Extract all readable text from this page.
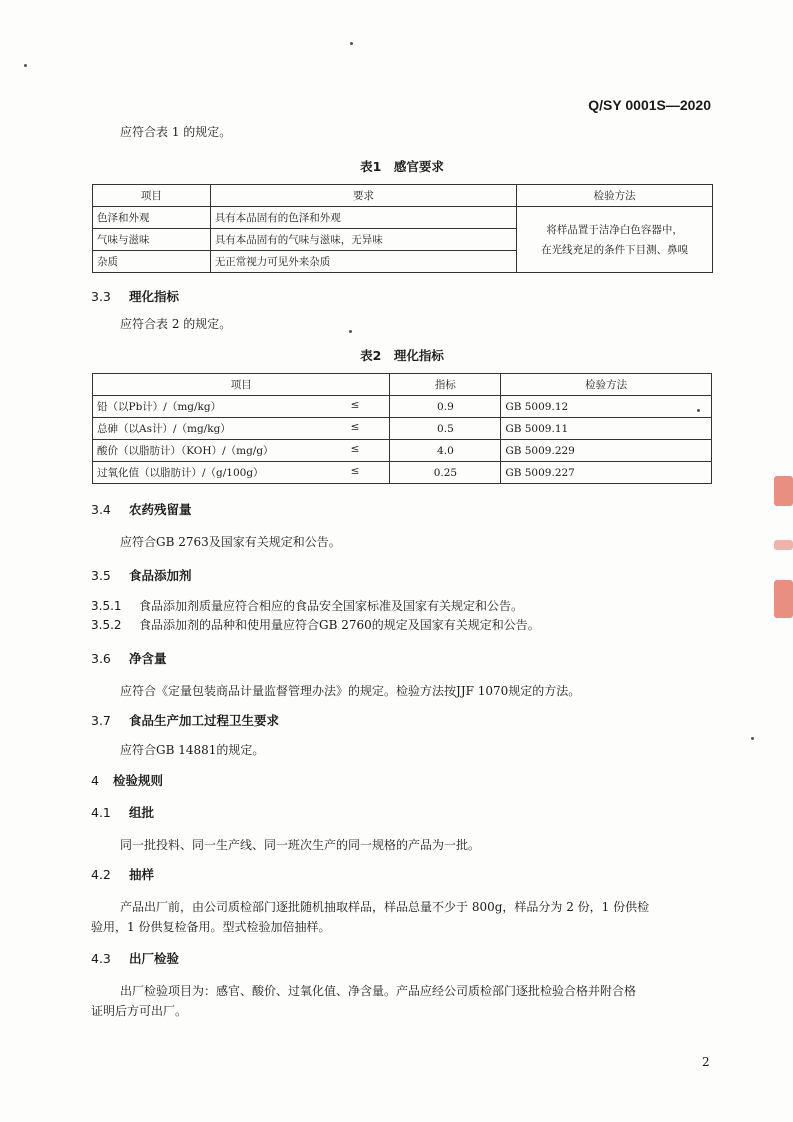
Q/SY 0001S—2020
应符合表 1 的规定。
表1　感官要求
项目	要求	检验方法
色泽和外观	具有本品固有的色泽和外观	将样品置于洁净白色容器中，
在光线充足的条件下目测、鼻嗅

气味与滋味	具有本品固有的气味与滋味，无异味	
杂质	无正常视力可见外来杂质	
3.3 理化指标
应符合表 2 的规定。
表2　理化指标
项目	指标	检验方法
铅（以Pb计）/（mg/kg） ≤	0.9	GB 5009.12
总砷（以As计）/（mg/kg） ≤	0.5	GB 5009.11
酸价（以脂肪计）（KOH）/（mg/g） ≤	4.0	GB 5009.229
过氧化值（以脂肪计）/（g/100g） ≤	0.25	GB 5009.227
3.4 农药残留量
应符合GB 2763及国家有关规定和公告。
3.5 食品添加剂
3.5.1 食品添加剂质量应符合相应的食品安全国家标准及国家有关规定和公告。
3.5.2 食品添加剂的品种和使用量应符合GB 2760的规定及国家有关规定和公告。
3.6 净含量
应符合《定量包装商品计量监督管理办法》的规定。检验方法按JJF 1070规定的方法。
3.7 食品生产加工过程卫生要求
应符合GB 14881的规定。
4 检验规则
4.1 组批
同一批投料、同一生产线、同一班次生产的同一规格的产品为一批。
4.2 抽样
产品出厂前，由公司质检部门逐批随机抽取样品，样品总量不少于 800g，样品分为 2 份，1 份供检
验用，1 份供复检备用。型式检验加倍抽样。
4.3 出厂检验
出厂检验项目为：感官、酸价、过氧化值、净含量。产品应经公司质检部门逐批检验合格并附合格
证明后方可出厂。
2
